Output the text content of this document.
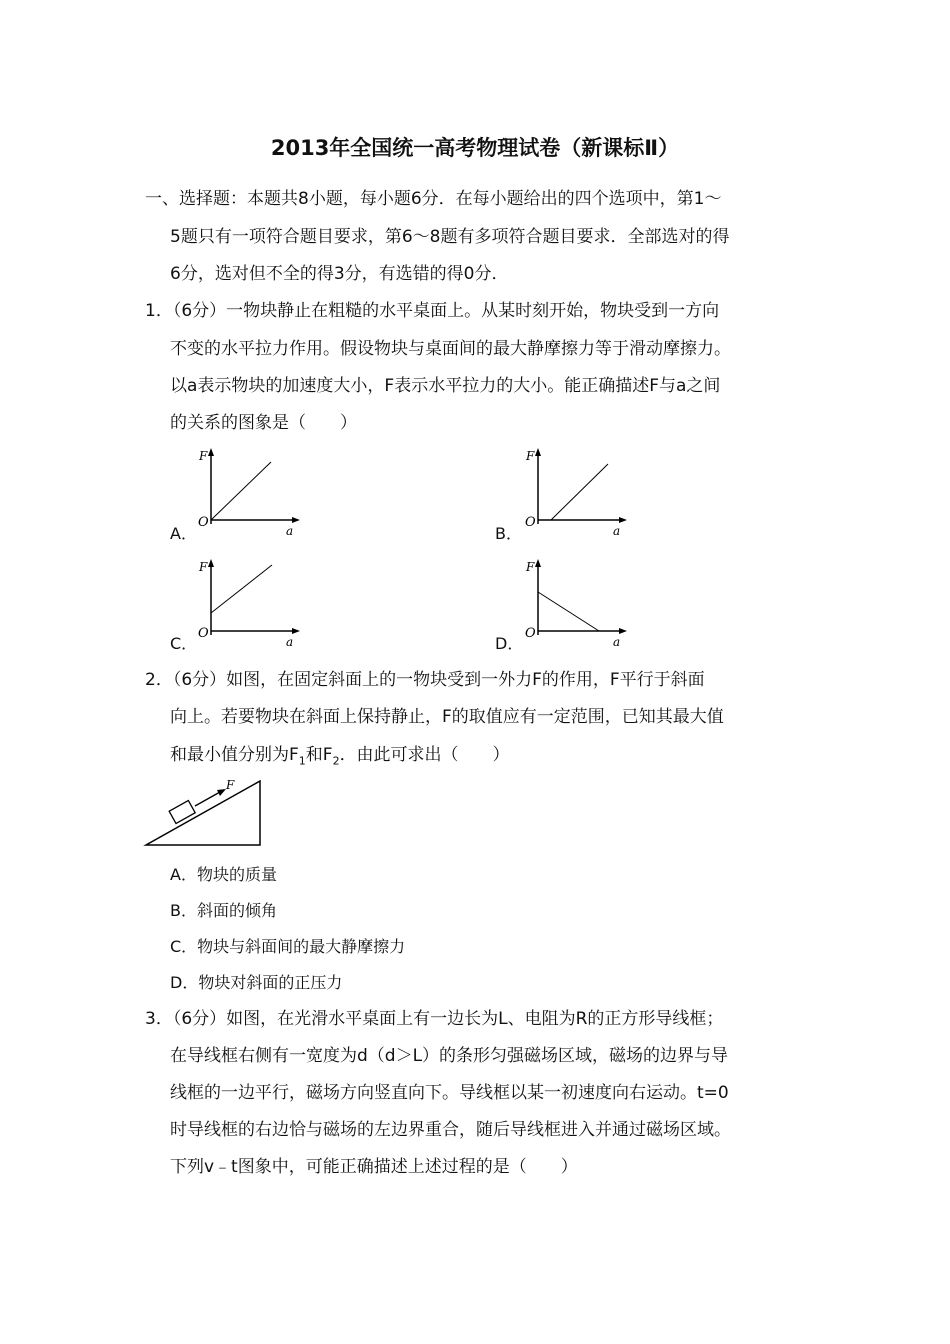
2013年全国统一高考物理试卷（新课标Ⅱ）
一、选择题：本题共8小题，每小题6分．在每小题给出的四个选项中，第1～
5题只有一项符合题目要求，第6～8题有多项符合题目要求．全部选对的得
6分，选对但不全的得3分，有选错的得0分．
1．（6分）一物块静止在粗糙的水平桌面上。从某时刻开始，物块受到一方向
不变的水平拉力作用。假设物块与桌面间的最大静摩擦力等于滑动摩擦力。
以a表示物块的加速度大小，F表示水平拉力的大小。能正确描述F与a之间
的关系的图象是（　　）
A．
F
a
O
B．
F
a
O
C．
F
a
O
D．
F
a
O
2．（6分）如图，在固定斜面上的一物块受到一外力F的作用，F平行于斜面
向上。若要物块在斜面上保持静止，F的取值应有一定范围，已知其最大值
和最小值分别为$F_1$和$F_2$．由此可求出（　　）
F
A．物块的质量
B．斜面的倾角
C．物块与斜面间的最大静摩擦力
D．物块对斜面的正压力
3．（6分）如图，在光滑水平桌面上有一边长为L、电阻为R的正方形导线框；
在导线框右侧有一宽度为d（d＞L）的条形匀强磁场区域，磁场的边界与导
线框的一边平行，磁场方向竖直向下。导线框以某一初速度向右运动。t=0
时导线框的右边恰与磁场的左边界重合，随后导线框进入并通过磁场区域。
下列v﹣t图象中，可能正确描述上述过程的是（　　）
